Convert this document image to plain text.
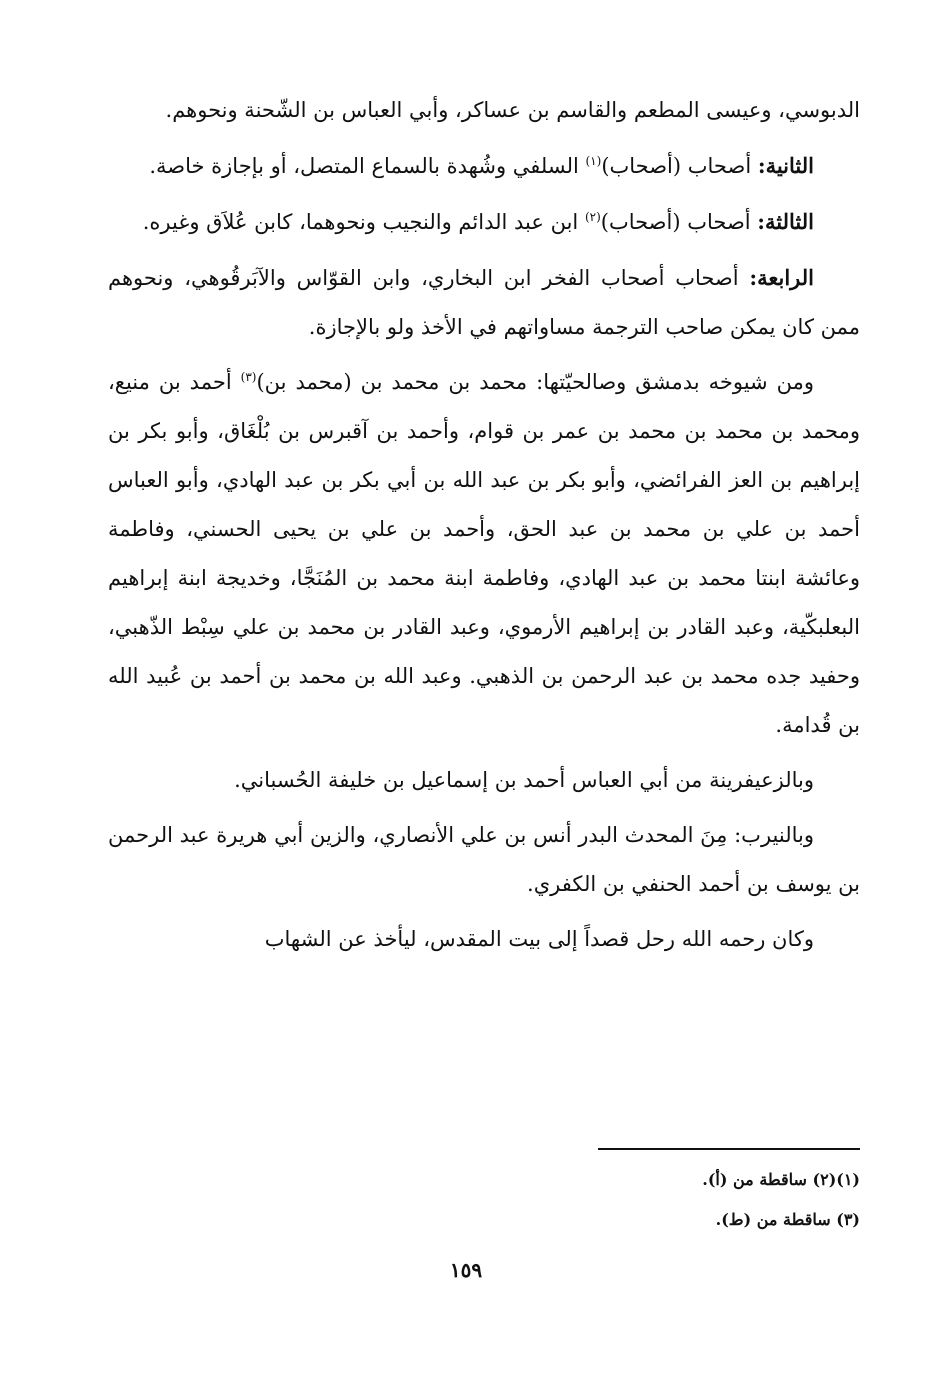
الدبوسي، وعيسى المطعم والقاسم بن عساكر، وأبي العباس بن الشّحنة ونحوهم.

الثانية: أصحاب (أصحاب)$^{(١)}$ السلفي وشُهدة بالسماع المتصل، أو بإجازة خاصة.

الثالثة: أصحاب (أصحاب)$^{(٢)}$ ابن عبد الدائم والنجيب ونحوهما، كابن عُلاَق وغيره.

الرابعة: أصحاب أصحاب الفخر ابن البخاري، وابن القوّاس والآبَرقُوهي، ونحوهم ممن كان يمكن صاحب الترجمة مساواتهم في الأخذ ولو بالإجازة.

ومن شيوخه بدمشق وصالحيّتها: محمد بن محمد بن (محمد بن)$^{(٣)}$ أحمد بن منيع، ومحمد بن محمد بن محمد بن عمر بن قوام، وأحمد بن آقبرس بن بُلْغَاق، وأبو بكر بن إبراهيم بن العز الفرائضي، وأبو بكر بن عبد الله بن أبي بكر بن عبد الهادي، وأبو العباس أحمد بن علي بن محمد بن عبد الحق، وأحمد بن علي بن يحيى الحسني، وفاطمة وعائشة ابنتا محمد بن عبد الهادي، وفاطمة ابنة محمد بن المُنَجَّا، وخديجة ابنة إبراهيم البعلبكّية، وعبد القادر بن إبراهيم الأرموي، وعبد القادر بن محمد بن علي سِبْط الذّهبي، وحفيد جده محمد بن عبد الرحمن بن الذهبي. وعبد الله بن محمد بن أحمد بن عُبيد الله بن قُدامة.

وبالزعيفرينة من أبي العباس أحمد بن إسماعيل بن خليفة الحُسباني.

وبالنيرب: مِنَ المحدث البدر أنس بن علي الأنصاري، والزين أبي هريرة عبد الرحمن بن يوسف بن أحمد الحنفي بن الكفري.

وكان رحمه الله رحل قصداً إلى بيت المقدس، ليأخذ عن الشهاب

(١)(٢) ساقطة من (أ).
(٣) ساقطة من (ط).
١٥٩
